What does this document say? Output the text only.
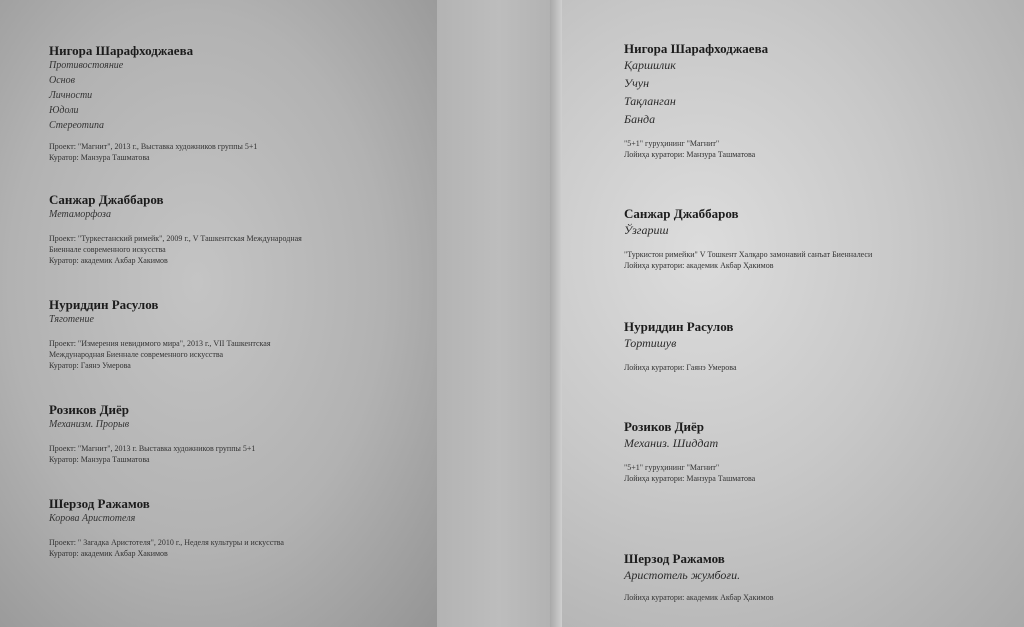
Нигора Шарафходжаева
Противостояние
Основ
Личности
Юдоли
Стереотипа
Проект: "Магнит", 2013 г., Выставка художников группы 5+1
Куратор: Манзура Ташматова
Санжар Джаббаров
Метаморфоза
Проект: "Туркестанский римейк", 2009 г., V Ташкентская Международная
Биеннале современного искусства
Куратор: академик Акбар Хакимов
Нуриддин Расулов
Тяготение
Проект: "Измерения невидимого мира", 2013 г., VII Ташкентская
Международная Биеннале современного искусства
Куратор: Гаянэ Умерова
Розиков Диёр
Механизм. Прорыв
Проект: "Магнит", 2013 г. Выставка художников группы 5+1
Куратор: Манзура Ташматова
Шерзод Ражамов
Корова Аристотеля
Проект: " Загадка Аристотеля", 2010 г., Неделя культуры и искусства
Куратор: академик Акбар Хакимов
Нигора Шарафходжаева
Қаршилик
Учун
Тақланган
Банда
"5+1" гуруҳининг "Магнит"
Лойиҳа куратори: Манзура Ташматова
Санжар Джаббаров
Ўзгариш
"Туркистон римейки" V Тошкент Халқаро замонавий санъат Биенналеси
Лойиҳа куратори: академик Акбар Ҳакимов
Нуриддин Расулов
Тортишув
Лойиҳа куратори: Гаянэ Умерова
Розиков Диёр
Механиз. Шиддат
"5+1" гуруҳининг "Магнит"
Лойиҳа куратори: Манзура Ташматова
Шерзод Ражамов
Аристотель жумбоғи.
Лойиҳа куратори: академик Акбар Ҳакимов
